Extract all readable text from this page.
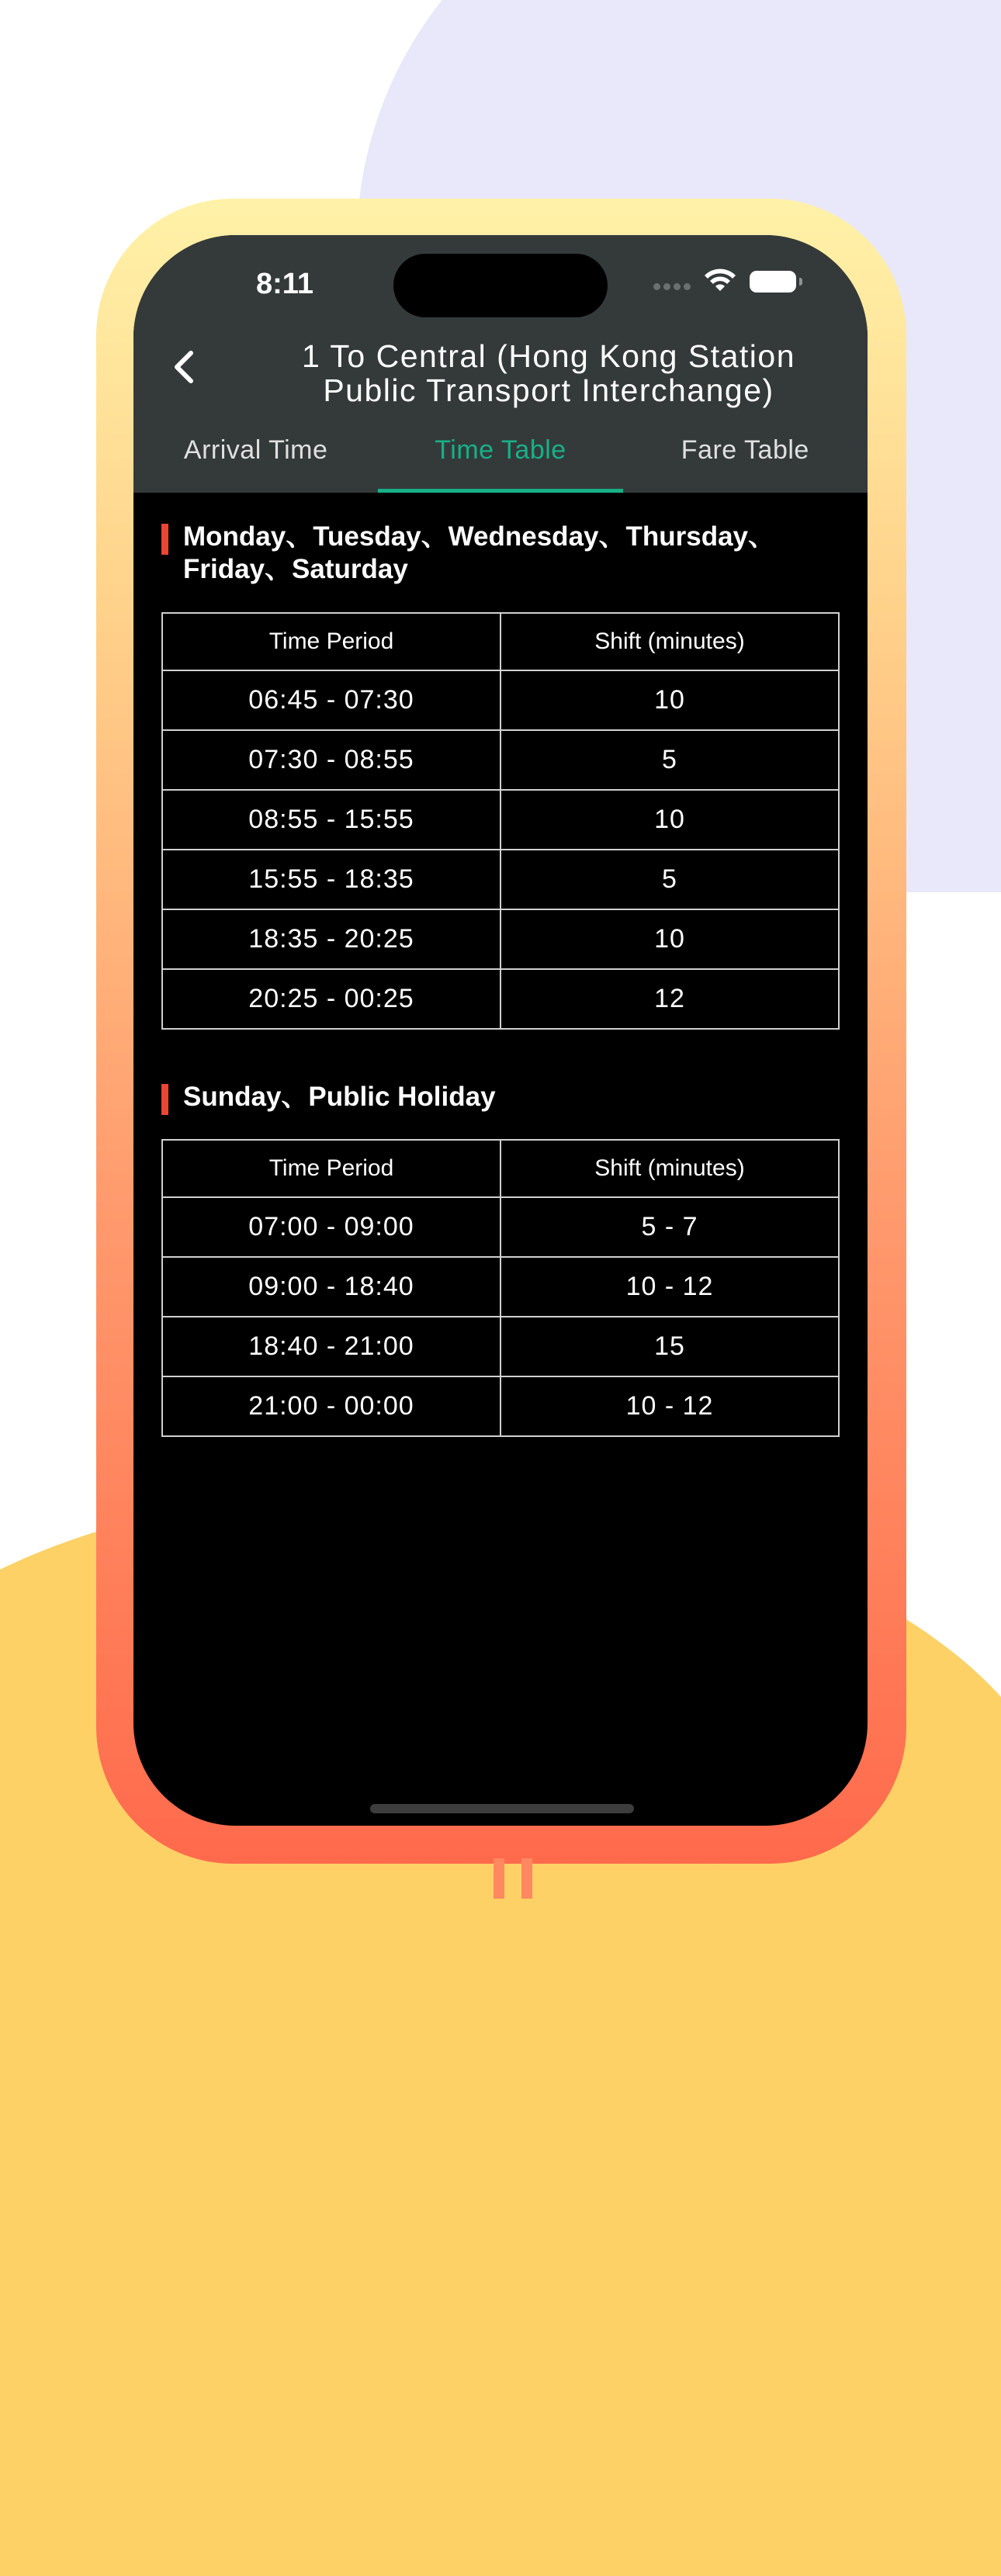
8:11
1 To Central (Hong Kong Station Public Transport Interchange)
Arrival Time	Time Table	Fare Table
Monday、Tuesday、Wednesday、Thursday、Friday、Saturday
Time Period	Shift (minutes)
06:45 - 07:30	10
07:30 - 08:55	5
08:55 - 15:55	10
15:55 - 18:35	5
18:35 - 20:25	10
20:25 - 00:25	12
Sunday、Public Holiday
Time Period	Shift (minutes)
07:00 - 09:00	5 - 7
09:00 - 18:40	10 - 12
18:40 - 21:00	15
21:00 - 00:00	10 - 12
